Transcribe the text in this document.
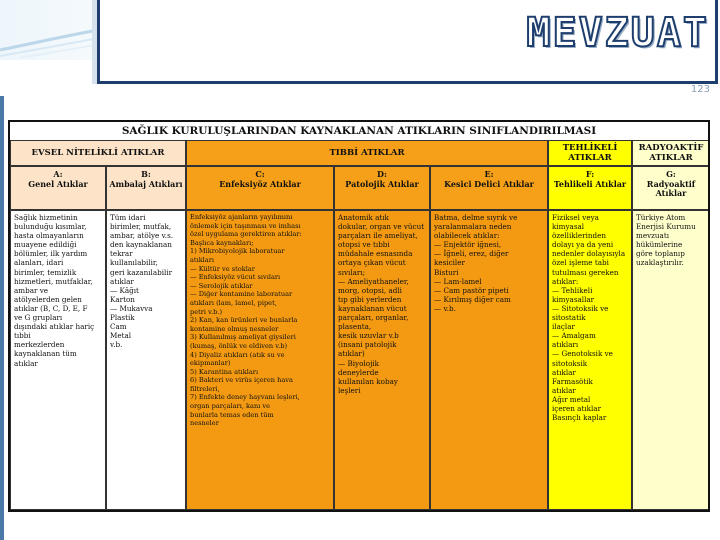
MEVZUAT
123
SAĞLIK KURULUŞLARINDAN KAYNAKLANAN ATIKLARIN SINIFLANDIRILMASI
EVSEL NİTELİKLİ ATIKLAR	TIBBİ ATIKLAR	TEHLİKELİ ATIKLAR
RADYOAKTİF ATIKLAR
A:
Genel Atıklar
B:
Ambalaj Atıkları
C:
Enfeksiyöz Atıklar
D:
Patolojik Atıklar
E:
Kesici Delici Atıklar
F:
Tehlikeli Atıklar
G:
Radyoaktif Atıklar
Sağlık hizmetinin
bulunduğu kısımlar,
hasta olmayanların
muayene edildiği
bölümler, ilk yardım
alanları, idari
birimler, temizlik
hizmetleri, mutfaklar,
ambar ve
atölyelerden gelen
atıklar (B, C, D, E, F
ve G grupları
dışındaki atıklar hariç tıbbi
merkezlerden
kaynaklanan tüm
atıklar
Tüm idari
birimler, mutfak,
ambar, atölye v.s.
den kaynaklanan
tekrar
kullanılabilir,
geri kazanılabilir
atıklar
— Kâğıt
Karton
— Mukavva
Plastik
Cam
Metal
v.b.
Enfeksiyöz ajanların yayılımını
önlemek için taşınması ve imhası
özel uygulama gerektiren atıklar:
Başlıca kaynakları;
1) Mikrobiyolojik laboratuar
atıkları
— Kültür ve stoklar
— Enfeksiyöz vücut sıvıları
— Serolojik atıklar
— Diğer kontamine laboratuar
atıkları (lam, lamel, pipet,
petri v.b.)
2) Kan, kan ürünleri ve bunlarla
kontamine olmuş nesneler
3) Kullanılmış ameliyat giysileri
(kumaş, önlük ve eldiven v.b)
4) Diyaliz atıkları (atık su ve
ekipmanlar)
5) Karantina atıkları
6) Bakteri ve virüs içeren hava
filtreleri,
7) Enfekte deney hayvanı leşleri,
organ parçaları, kanı ve
bunlarla temas eden tüm
nesneler
Anatomik atık
dokular, organ ve vücut
parçaları ile ameliyat,
otopsi ve tıbbi
müdahale esnasında
ortaya çıkan vücut
sıvıları;
— Ameliyathaneler,
morg, otopsi, adli
tıp gibi yerlerden
kaynaklanan vücut
parçaları, organlar,
plasenta,
kesik uzuvlar v.b
(insani patolojik
atıklar)
— Biyolojik
deneylerde
kullanılan kobay
leşleri
Batma, delme sıyrık ve
yaralanmalara neden
olabilecek atıklar:
— Enjektör iğnesi,
— İğneli, erez, diğer
kesiciler
Bisturi
— Lam-lamel
— Cam pastör pipeti
— Kırılmış diğer cam
— v.b.
Fiziksel veya
kimyasal
özelliklerinden
dolayı ya da yeni
nedenler dolayısıyla
özel işleme tabi
tutulması gereken
atıklar:
— Tehlikeli
kimyasallar
— Sitotoksik ve
sitostatik
ilaçlar
— Amalgam
atıkları
— Genotoksik ve
sitotoksik
atıklar
Farmasötik
atıklar
Ağır metal
içeren atıklar
Basınçlı kaplar
Türkiye Atom
Enerjisi Kurumu
mevzuatı
hükümlerine
göre toplanıp
uzaklaştırılır.
